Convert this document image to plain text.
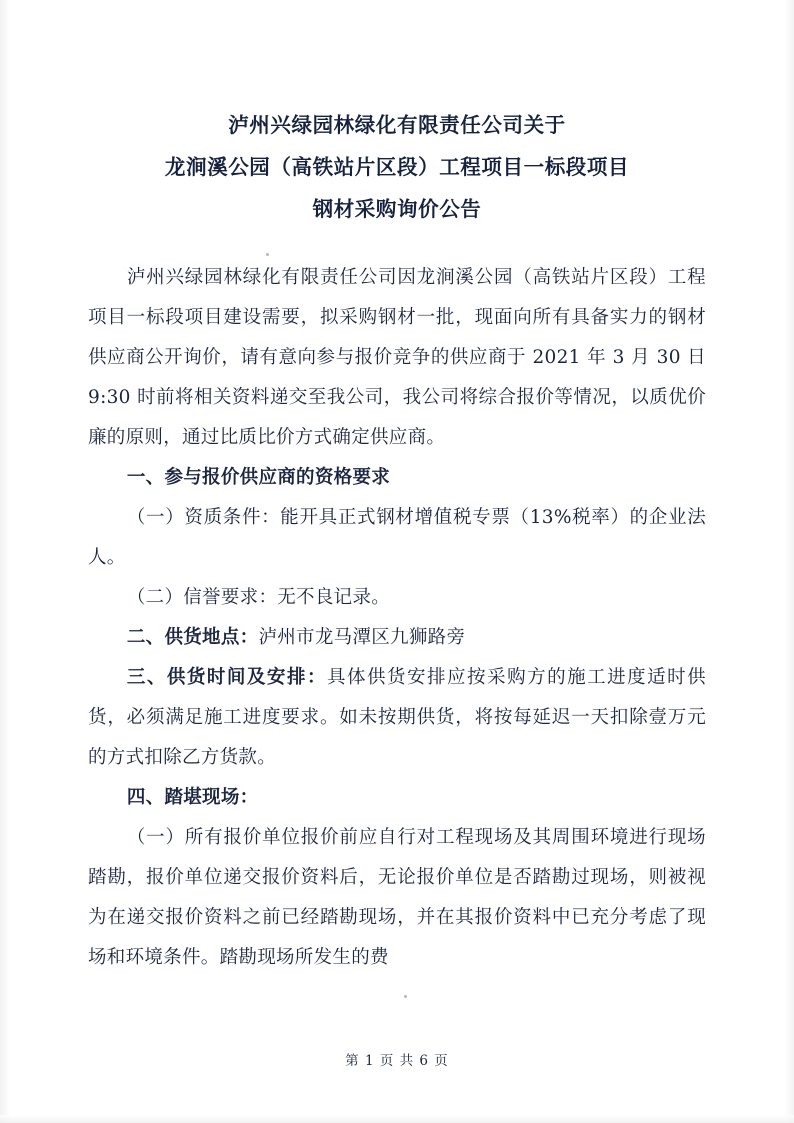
泸州兴绿园林绿化有限责任公司关于
龙涧溪公园（高铁站片区段）工程项目一标段项目
钢材采购询价公告

泸州兴绿园林绿化有限责任公司因龙涧溪公园（高铁站片区段）工程项目一标段项目建设需要，拟采购钢材一批，现面向所有具备实力的钢材供应商公开询价，请有意向参与报价竞争的供应商于 2021 年 3 月 30 日 9:30 时前将相关资料递交至我公司，我公司将综合报价等情况，以质优价廉的原则，通过比质比价方式确定供应商。

一、参与报价供应商的资格要求

（一）资质条件：能开具正式钢材增值税专票（13%税率）的企业法人。

（二）信誉要求：无不良记录。

二、供货地点：泸州市龙马潭区九狮路旁

三、供货时间及安排：具体供货安排应按采购方的施工进度适时供货，必须满足施工进度要求。如未按期供货，将按每延迟一天扣除壹万元的方式扣除乙方货款。

四、踏堪现场：

（一）所有报价单位报价前应自行对工程现场及其周围环境进行现场踏勘，报价单位递交报价资料后，无论报价单位是否踏勘过现场，则被视为在递交报价资料之前已经踏勘现场，并在其报价资料中已充分考虑了现场和环境条件。踏勘现场所发生的费

第 1 页 共 6 页
